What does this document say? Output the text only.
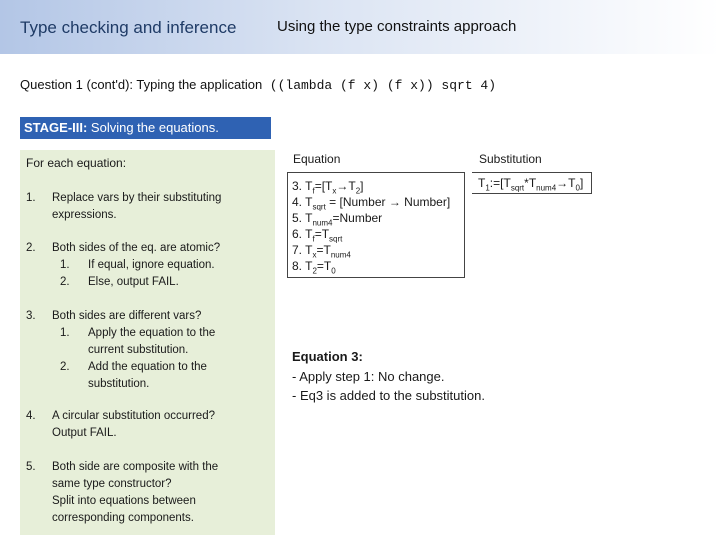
Type checking and inference	Using the type constraints approach
Question 1 (cont'd): Typing the application ((lambda (f x) (f x)) sqrt 4)
STAGE-III: Solving the equations.
For each equation:
1. Replace vars by their substituting expressions.
2. Both sides of the eq. are atomic?
1. If equal, ignore equation.
2. Else, output FAIL.
3. Both sides are different vars?
1. Apply the equation to the current substitution.
2. Add the equation to the substitution.
4. A circular substitution occurred? Output FAIL.
5. Both side are composite with the same type constructor?
Split into equations between corresponding components.
Equation	Substitution
3. $T_f=[T_x\to T_2]$
4. $T_{sqrt}$ = [Number → Number]
5. $T_{num4}=Number$
6. $T_f=T_{sqrt}$
7. $T_x=T_{num4}$
8. $T_2=T_0$
$T_1:=[T_{sqrt}*T_{num4}\to T_0]$
Equation 3:
- Apply step 1: No change.
- Eq3 is added to the substitution.
